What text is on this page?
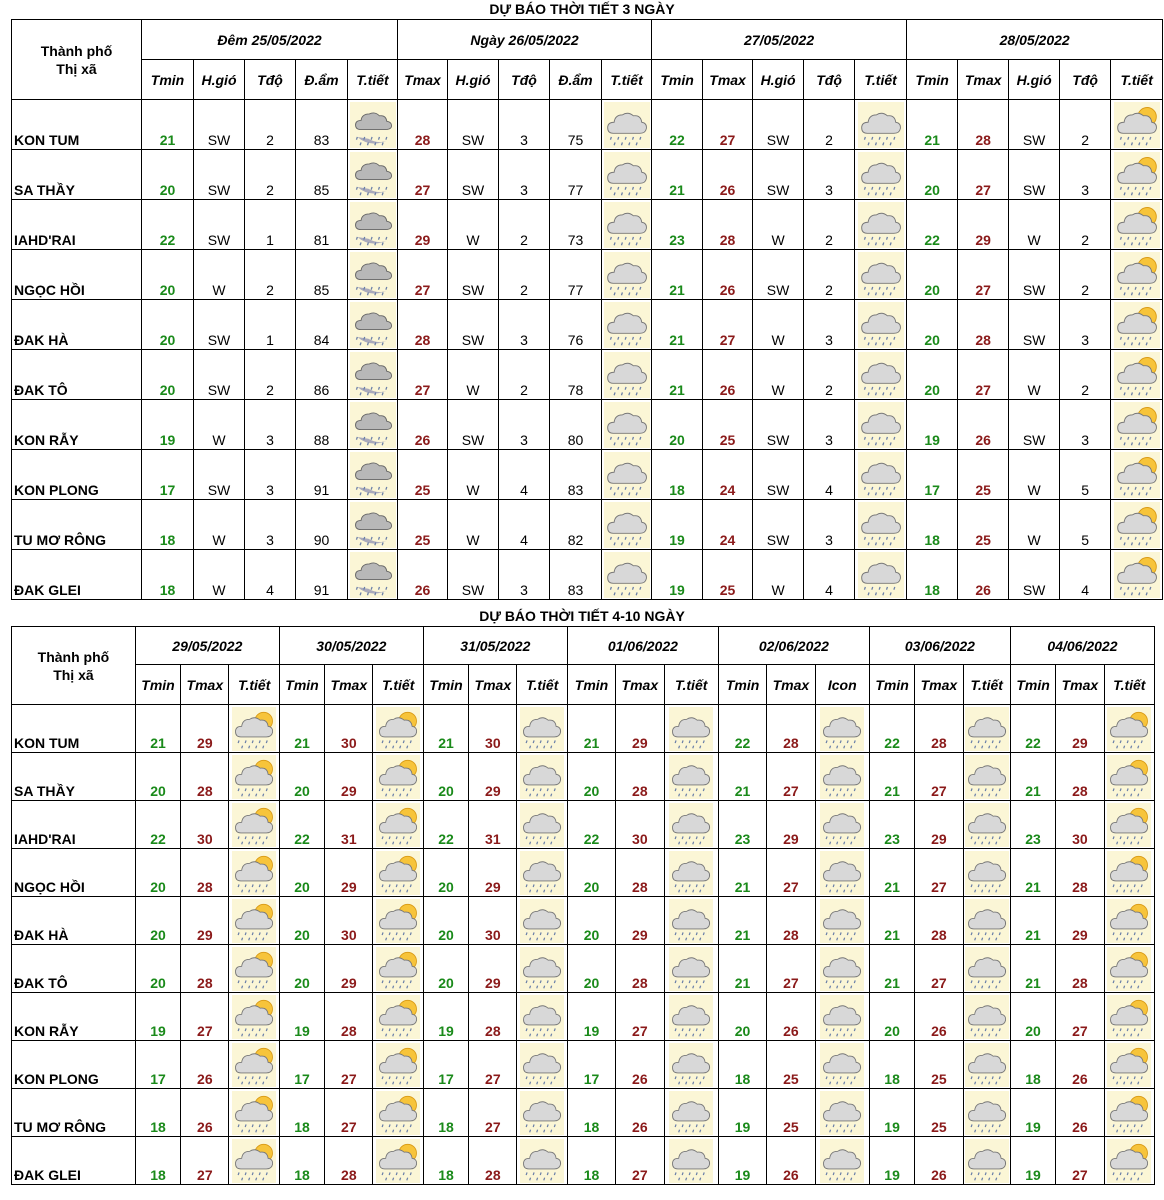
DỰ BÁO THỜI TIẾT 3 NGÀY
Thành phố
Thị xã	Đêm 25/05/2022					Ngày 26/05/2022					27/05/2022					28/05/2022				
	Tmin	H.gió	Tđộ	Đ.ẩm	T.tiết	Tmax	H.gió	Tđộ	Đ.ẩm	T.tiết	Tmin	Tmax	H.gió	Tđộ	T.tiết	Tmin	Tmax	H.gió	Tđộ	T.tiết
KON TUM	21	SW	2	83		28	SW	3	75		22	27	SW	2		21	28	SW	2	

SA THẦY	20	SW	2	85		27	SW	3	77		21	26	SW	3		20	27	SW	3	

IAHD'RAI	22	SW	1	81		29	W	2	73		23	28	W	2		22	29	W	2	

NGỌC HỒI	20	W	2	85		27	SW	2	77		21	26	SW	2		20	27	SW	2	

ĐAK HÀ	20	SW	1	84		28	SW	3	76		21	27	W	3		20	28	SW	3	

ĐAK TÔ	20	SW	2	86		27	W	2	78		21	26	W	2		20	27	W	2	

KON RẪY	19	W	3	88		26	SW	3	80		20	25	SW	3		19	26	SW	3	

KON PLONG	17	SW	3	91		25	W	4	83		18	24	SW	4		17	25	W	5	

TU MƠ RÔNG	18	W	3	90		25	W	4	82		19	24	SW	3		18	25	W	5	

ĐAK GLEI	18	W	4	91		26	SW	3	83		19	25	W	4		18	26	SW	4	
DỰ BÁO THỜI TIẾT 4-10 NGÀY
Thành phố
Thị xã	29/05/2022			30/05/2022			31/05/2022			01/06/2022			02/06/2022			03/06/2022			04/06/2022		
	Tmin	Tmax	T.tiết	Tmin	Tmax	T.tiết	Tmin	Tmax	T.tiết	Tmin	Tmax	T.tiết	Tmin	Tmax	Icon	Tmin	Tmax	T.tiết	Tmin	Tmax	T.tiết
KON TUM	21	29		21	30		21	30		21	29		22	28		22	28		22	29	

SA THẦY	20	28		20	29		20	29		20	28		21	27		21	27		21	28	

IAHD'RAI	22	30		22	31		22	31		22	30		23	29		23	29		23	30	

NGỌC HỒI	20	28		20	29		20	29		20	28		21	27		21	27		21	28	

ĐAK HÀ	20	29		20	30		20	30		20	29		21	28		21	28		21	29	

ĐAK TÔ	20	28		20	29		20	29		20	28		21	27		21	27		21	28	

KON RẪY	19	27		19	28		19	28		19	27		20	26		20	26		20	27	

KON PLONG	17	26		17	27		17	27		17	26		18	25		18	25		18	26	

TU MƠ RÔNG	18	26		18	27		18	27		18	26		19	25		19	25		19	26	

ĐAK GLEI	18	27		18	28		18	28		18	27		19	26		19	26		19	27	
